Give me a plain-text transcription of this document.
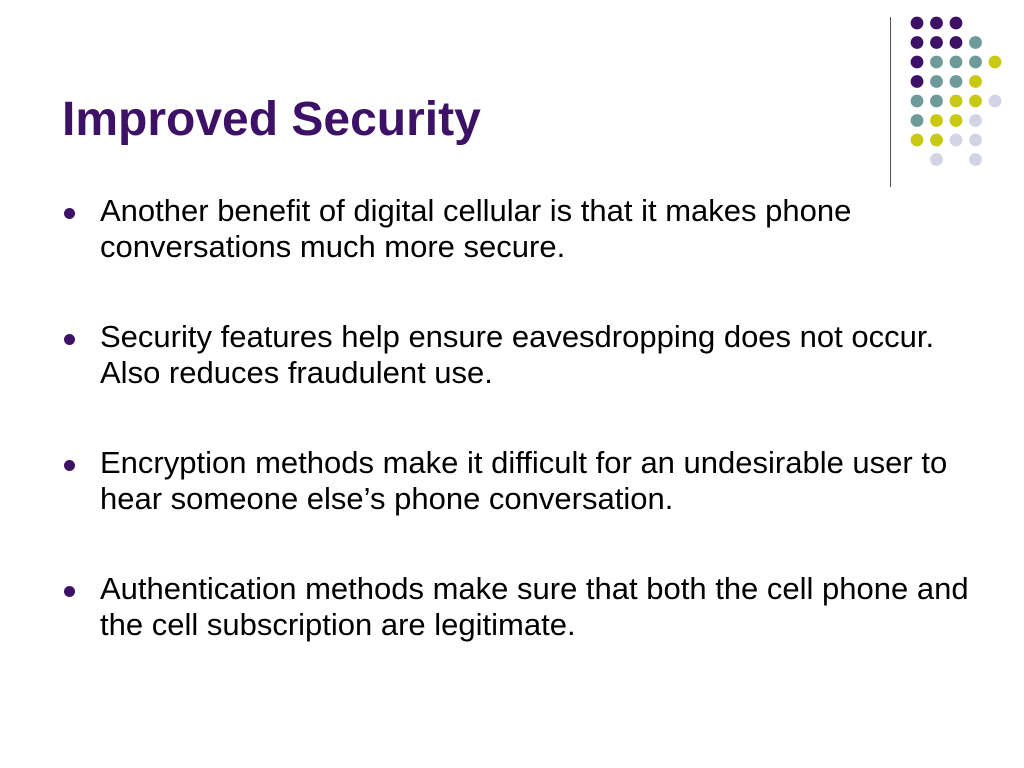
Improved Security
Another benefit of digital cellular is that it makes phone conversations much more secure.
Security features help ensure eavesdropping does not occur. Also reduces fraudulent use.
Encryption methods make it difficult for an undesirable user to hear someone else’s phone conversation.
Authentication methods make sure that both the cell phone and the cell subscription are legitimate.
